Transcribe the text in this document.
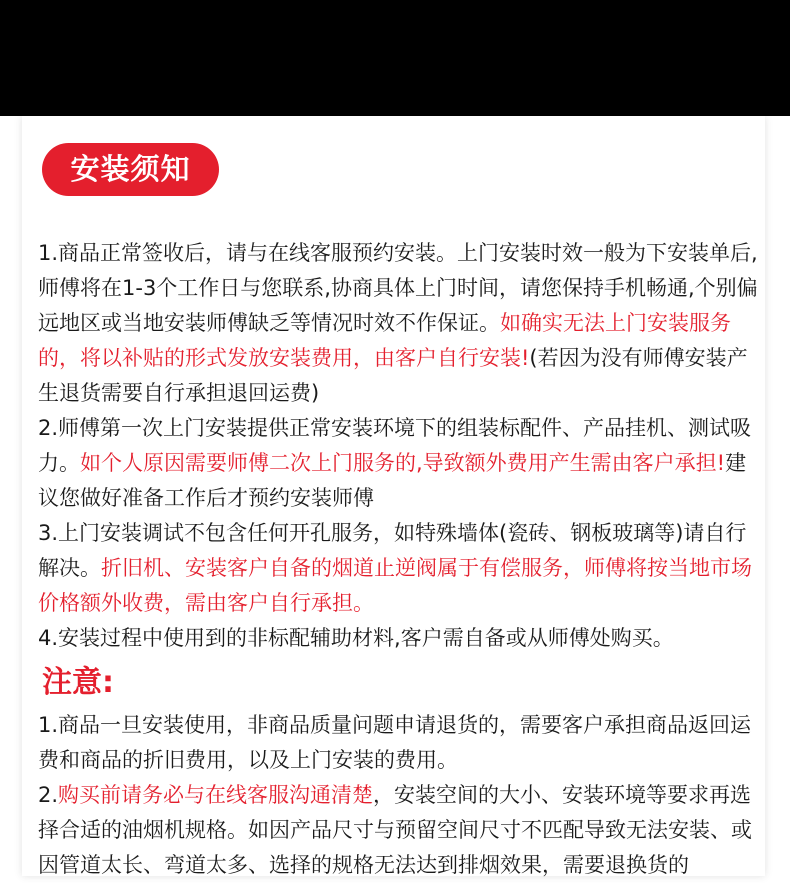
安装须知

1.商品正常签收后，请与在线客服预约安装。上门安装时效一般为下安装单后,师傅将在1-3个工作日与您联系,协商具体上门时间，请您保持手机畅通,个别偏远地区或当地安装师傅缺乏等情况时效不作保证。如确实无法上门安装服务的，将以补贴的形式发放安装费用，由客户自行安装!(若因为没有师傅安装产生退货需要自行承担退回运费)

2.师傅第一次上门安装提供正常安装环境下的组装标配件、产品挂机、测试吸力。如个人原因需要师傅二次上门服务的,导致额外费用产生需由客户承担!建议您做好准备工作后才预约安装师傅

3.上门安装调试不包含任何开孔服务，如特殊墙体(瓷砖、钢板玻璃等)请自行解决。折旧机、安装客户自备的烟道止逆阀属于有偿服务，师傅将按当地市场价格额外收费，需由客户自行承担。

4.安装过程中使用到的非标配辅助材料,客户需自备或从师傅处购买。

注意:

1.商品一旦安装使用，非商品质量问题申请退货的，需要客户承担商品返回运费和商品的折旧费用，以及上门安装的费用。

2.购买前请务必与在线客服沟通清楚，安装空间的大小、安装环境等要求再选择合适的油烟机规格。如因产品尺寸与预留空间尺寸不匹配导致无法安装、或因管道太长、弯道太多、选择的规格无法达到排烟效果，需要退换货的
